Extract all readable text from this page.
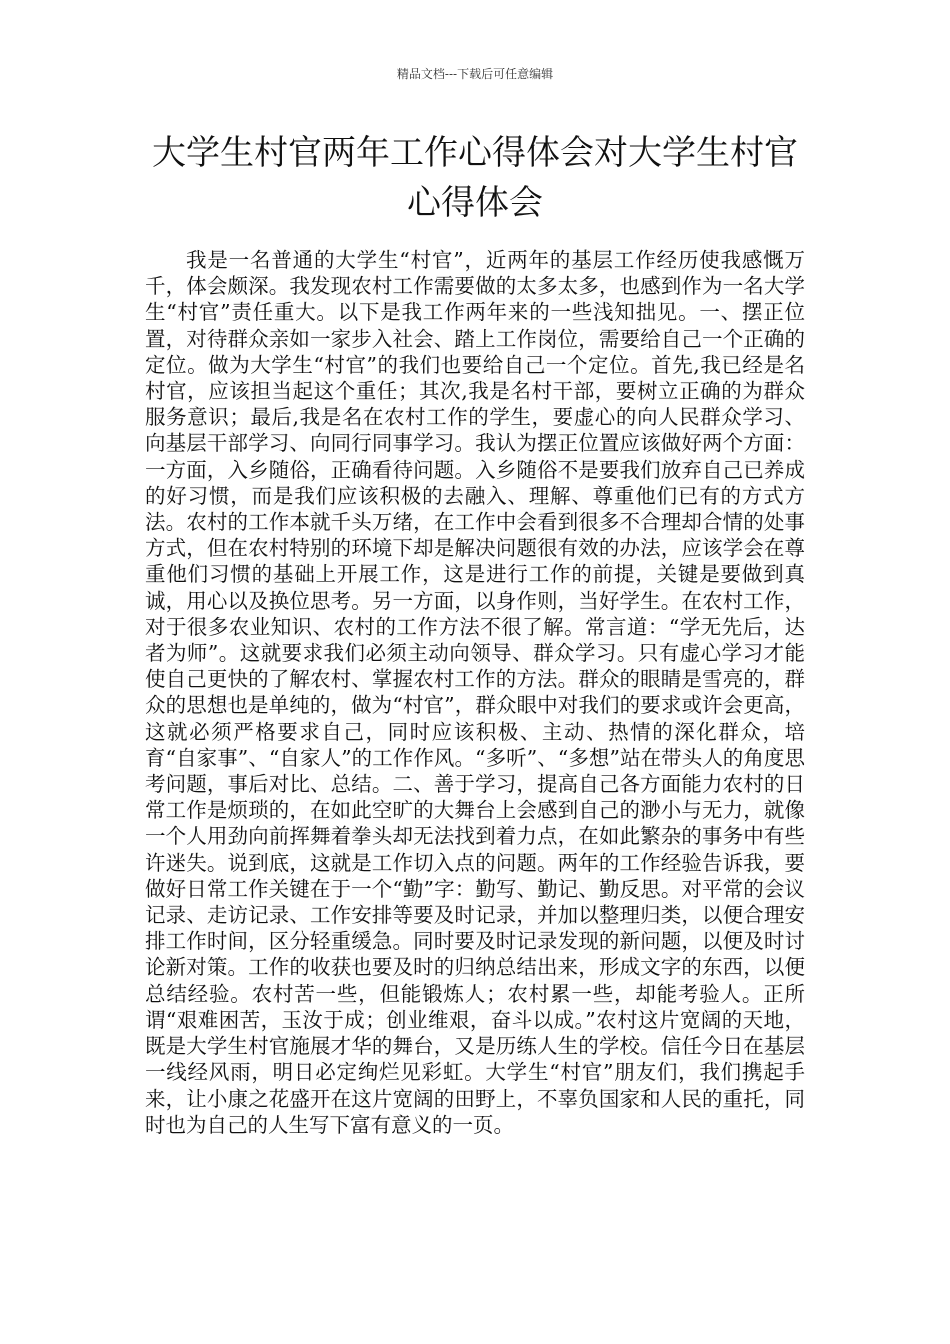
精品文档---下载后可任意编辑
大学生村官两年工作心得体会对大学生村官心得体会

我是一名普通的大学生“村官”，近两年的基层工作经历使我感慨万千，体会颇深。我发现农村工作需要做的太多太多，也感到作为一名大学生“村官”责任重大。以下是我工作两年来的一些浅知拙见。一、摆正位置，对待群众亲如一家步入社会、踏上工作岗位，需要给自己一个正确的定位。做为大学生“村官”的我们也要给自己一个定位。首先,我已经是名村官，应该担当起这个重任；其次,我是名村干部，要树立正确的为群众服务意识；最后,我是名在农村工作的学生，要虚心的向人民群众学习、向基层干部学习、向同行同事学习。我认为摆正位置应该做好两个方面：一方面，入乡随俗，正确看待问题。入乡随俗不是要我们放弃自己已养成的好习惯，而是我们应该积极的去融入、理解、尊重他们已有的方式方法。农村的工作本就千头万绪，在工作中会看到很多不合理却合情的处事方式，但在农村特别的环境下却是解决问题很有效的办法，应该学会在尊重他们习惯的基础上开展工作，这是进行工作的前提，关键是要做到真诚，用心以及换位思考。另一方面，以身作则，当好学生。在农村工作，对于很多农业知识、农村的工作方法不很了解。常言道：“学无先后，达者为师”。这就要求我们必须主动向领导、群众学习。只有虚心学习才能使自己更快的了解农村、掌握农村工作的方法。群众的眼睛是雪亮的，群众的思想也是单纯的，做为“村官”，群众眼中对我们的要求或许会更高，这就必须严格要求自己，同时应该积极、主动、热情的深化群众，培育“自家事”、“自家人”的工作作风。“多听”、“多想”站在带头人的角度思考问题，事后对比、总结。二、善于学习，提高自己各方面能力农村的日常工作是烦琐的，在如此空旷的大舞台上会感到自己的渺小与无力，就像一个人用劲向前挥舞着拳头却无法找到着力点，在如此繁杂的事务中有些许迷失。说到底，这就是工作切入点的问题。两年的工作经验告诉我，要做好日常工作关键在于一个“勤”字：勤写、勤记、勤反思。对平常的会议记录、走访记录、工作安排等要及时记录，并加以整理归类，以便合理安排工作时间，区分轻重缓急。同时要及时记录发现的新问题，以便及时讨论新对策。工作的收获也要及时的归纳总结出来，形成文字的东西，以便总结经验。农村苦一些，但能锻炼人；农村累一些，却能考验人。正所谓“艰难困苦，玉汝于成；创业维艰，奋斗以成。”农村这片宽阔的天地，既是大学生村官施展才华的舞台，又是历练人生的学校。信任今日在基层一线经风雨，明日必定绚烂见彩虹。大学生“村官”朋友们，我们携起手来，让小康之花盛开在这片宽阔的田野上，不辜负国家和人民的重托，同时也为自己的人生写下富有意义的一页。
